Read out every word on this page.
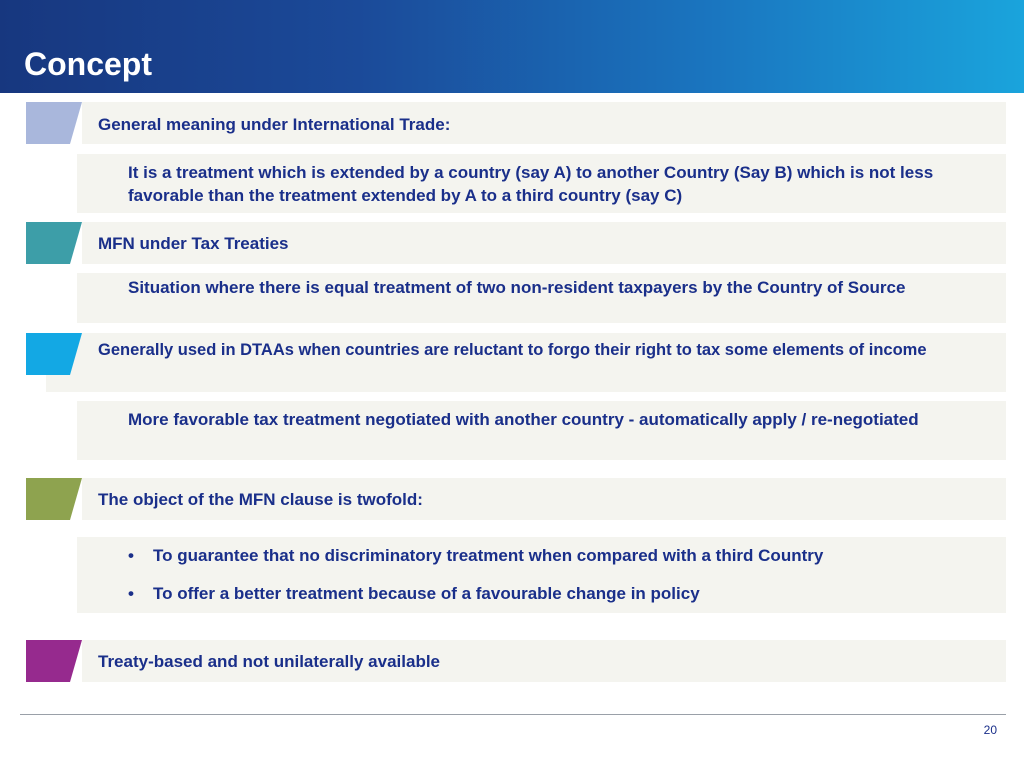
Concept
General meaning under International Trade:
It is a treatment which is extended by a country (say A) to another Country (Say B) which is not less favorable than the treatment extended by A to a third country (say C)
MFN under Tax Treaties
Situation where there is equal treatment of two non-resident taxpayers by the Country of Source
Generally used in DTAAs when countries are reluctant to forgo their right to tax some elements of income
More favorable tax treatment negotiated with another country - automatically apply / re-negotiated
The object of the MFN clause is twofold:
• To guarantee that no discriminatory treatment when compared with a third Country
• To offer a better treatment because of a favourable change in policy
Treaty-based and not unilaterally available
20
